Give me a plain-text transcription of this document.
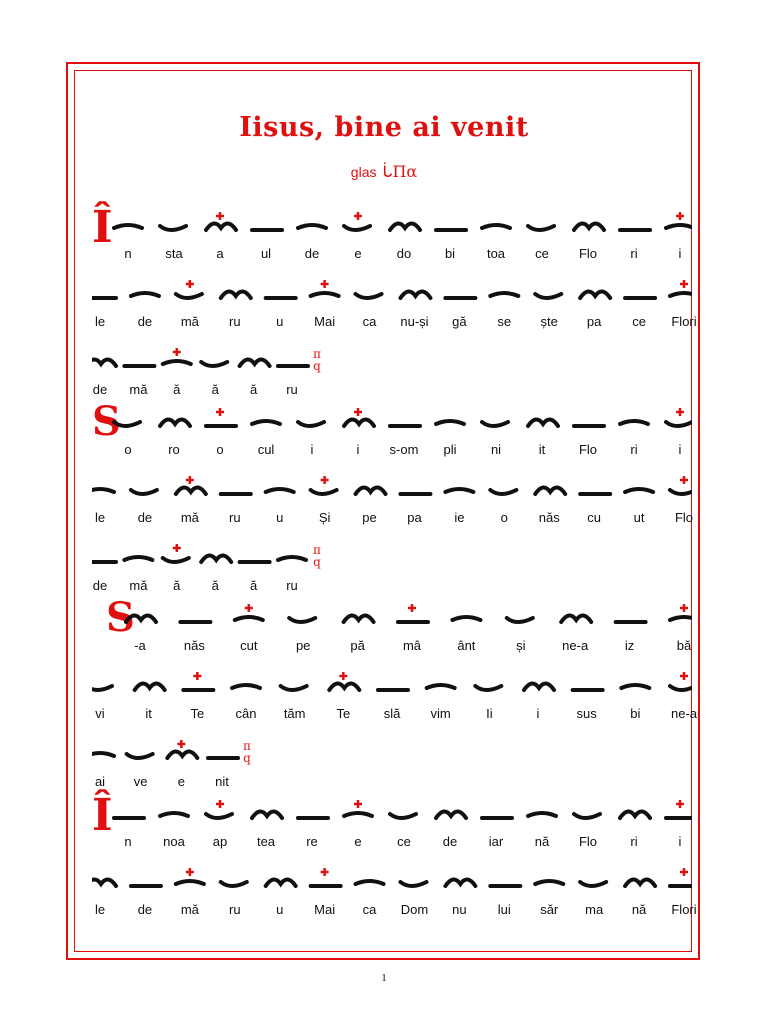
Iisus, bine ai venit
glas ᒑΠα
Î
n	sta	a	ul	de	e	do	bi toa ce Flo	ri	i
le	de mă ru	u Mai ca nu-și gă se ște pa ce Flori
de mă ă ă ă ru
π q
S
o	ro	o	cul	i	i s-om pli	ni	it	Flo	ri	i
le	de mă ru	u	Și pe pa	ie	o năs cu	ut Flo
de mă ă ă ă ru
π q
S
-a	năs	cut	pe	pă	mâ	ânt	și	ne-a	iz	bă
vi	it	Te cân tăm Te	slă vim	Ii	i	sus	bi ne-a
ai ve e nit
π q
Î
n noa ap tea re	e	ce de iar nă Flo	ri	i
le	de mă ru	u Mai ca Dom nu lui săr ma nă Flori
1
